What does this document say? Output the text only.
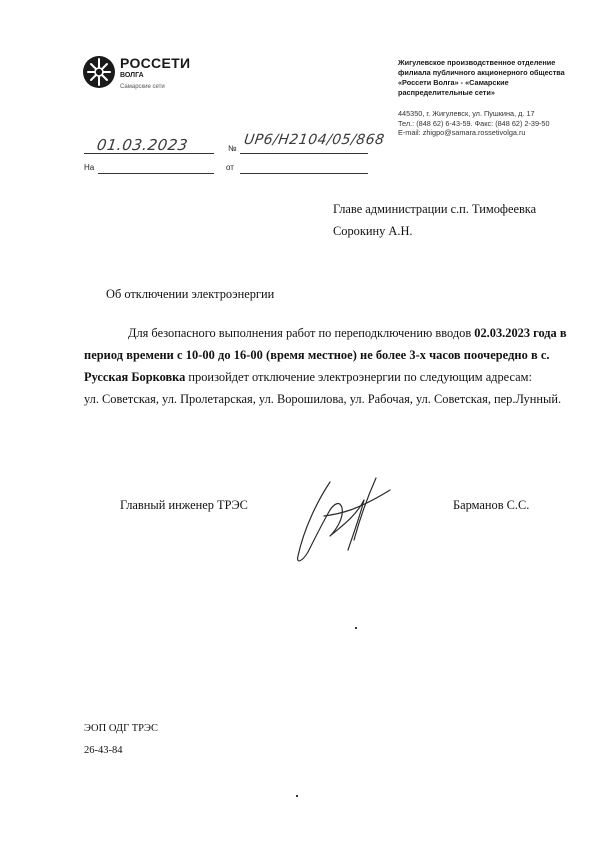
РОССЕТИ
ВОЛГА
Самарские сети
Жигулевское производственное отделение
филиала публичного акционерного общества
«Россети Волга» - «Самарские
распределительные сети»
445350, г. Жигулевск, ул. Пушкина, д. 17
Тел.: (848 62) 6-43-59. Факс: (848 62) 2-39-50
E-mail: zhigpo@samara.rossetivolga.ru
01.03.2023	№
UP6/H2104/05/868
На	от
Главе администрации с.п. Тимофеевка
Сорокину А.Н.
Об отключении электроэнергии
Для безопасного выполнения работ по переподключению вводов 02.03.2023 года в
период времени с 10-00 до 16-00 (время местное) не более 3-х часов поочередно в с.
Русская Борковка произойдет отключение электроэнергии по следующим адресам:
ул. Советская, ул. Пролетарская, ул. Ворошилова, ул. Рабочая, ул. Советская, пер.Лунный.
Главный инженер ТРЭС	Барманов С.С.
ЭОП ОДГ ТРЭС
26-43-84
